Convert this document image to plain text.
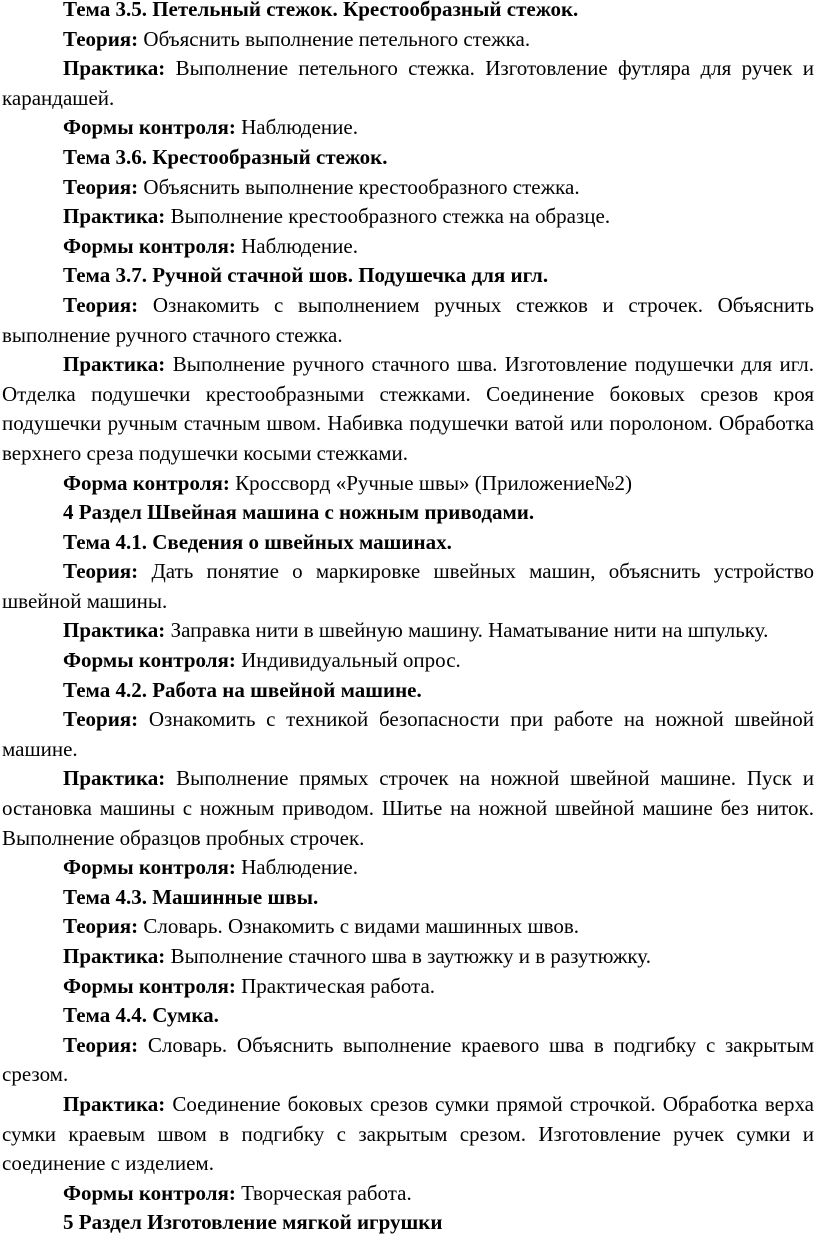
Тема 3.5. Петельный стежок. Крестообразный стежок.

Теория: Объяснить выполнение петельного стежка.

Практика: Выполнение петельного стежка. Изготовление футляра для ручек и карандашей.

Формы контроля: Наблюдение.

Тема 3.6. Крестообразный стежок.

Теория: Объяснить выполнение крестообразного стежка.

Практика: Выполнение крестообразного стежка на образце.

Формы контроля: Наблюдение.

Тема 3.7. Ручной стачной шов. Подушечка для игл.

Теория: Ознакомить с выполнением ручных стежков и строчек. Объяснить выполнение ручного стачного стежка.

Практика: Выполнение ручного стачного шва. Изготовление подушечки для игл. Отделка подушечки крестообразными стежками. Соединение боковых срезов кроя подушечки ручным стачным швом. Набивка подушечки ватой или поролоном. Обработка верхнего среза подушечки косыми стежками.

Форма контроля: Кроссворд «Ручные швы» (Приложение№2)

4 Раздел Швейная машина с ножным приводами.

Тема 4.1. Сведения о швейных машинах.

Теория: Дать понятие о маркировке швейных машин, объяснить устройство швейной машины.

Практика: Заправка нити в швейную машину. Наматывание нити на шпульку.

Формы контроля: Индивидуальный опрос.

Тема 4.2. Работа на швейной машине.

Теория: Ознакомить с техникой безопасности при работе на ножной швейной машине.

Практика: Выполнение прямых строчек на ножной швейной машине. Пуск и остановка машины с ножным приводом. Шитье на ножной швейной машине без ниток. Выполнение образцов пробных строчек.

Формы контроля: Наблюдение.

Тема 4.3. Машинные швы.

Теория: Словарь. Ознакомить с видами машинных швов.

Практика: Выполнение стачного шва в заутюжку и в разутюжку.

Формы контроля: Практическая работа.

Тема 4.4. Сумка.

Теория: Словарь. Объяснить выполнение краевого шва в подгибку с закрытым срезом.

Практика: Соединение боковых срезов сумки прямой строчкой. Обработка верха сумки краевым швом в подгибку с закрытым срезом. Изготовление ручек сумки и соединение с изделием.

Формы контроля: Творческая работа.

5 Раздел Изготовление мягкой игрушки
